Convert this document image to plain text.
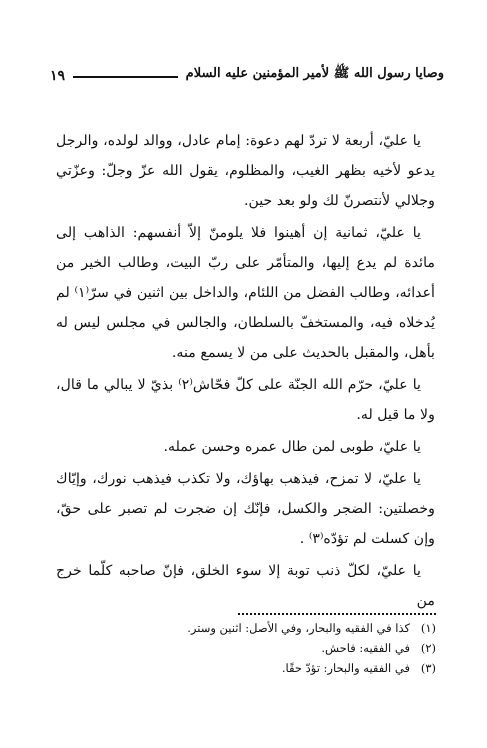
وصايا رسول الله ﷺ لأمير المؤمنين عليه السلام
١٩

يا عليّ، أربعة لا تردّ لهم دعوة: إمام عادل، ووالد لولده، والرجل يدعو لأخيه بظهر الغيب، والمظلوم، يقول الله عزّ وجلّ: وعزّتي وجلالي لأنتصرنّ لك ولو بعد حين.

يا عليّ، ثمانية إن أهينوا فلا يلومنّ إلاّ أنفسهم: الذاهب إلى مائدة لم يدع إليها، والمتأمّر على ربّ البيت، وطالب الخير من أعدائه، وطالب الفضل من اللئام، والداخل بين اثنين في سرّ⁽١⁾ لم يُدخلاه فيه، والمستخفّ بالسلطان، والجالس في مجلس ليس له بأهل، والمقبل بالحديث على من لا يسمع منه.

يا عليّ، حرّم الله الجنّة على كلّ فحّاش⁽٢⁾ بذيّ لا يبالي ما قال، ولا ما قيل له.

يا عليّ، طوبى لمن طال عمره وحسن عمله.

يا عليّ، لا تمزح، فيذهب بهاؤك، ولا تكذب فيذهب نورك، وإيّاك وخصلتين: الضجر والكسل، فإنّك إن ضجرت لم تصبر على حقّ، وإن كسلت لم تؤدّه⁽٣⁾ .

يا عليّ، لكلّ ذنب توبة إلا سوء الخلق، فإنّ صاحبه كلّما خرج من

(١)
كذا في الفقيه والبحار، وفي الأصل: اثنين وستر.
(٢)
في الفقيه: فاحش.
(٣)
في الفقيه والبحار: تؤدّ حقًا.
